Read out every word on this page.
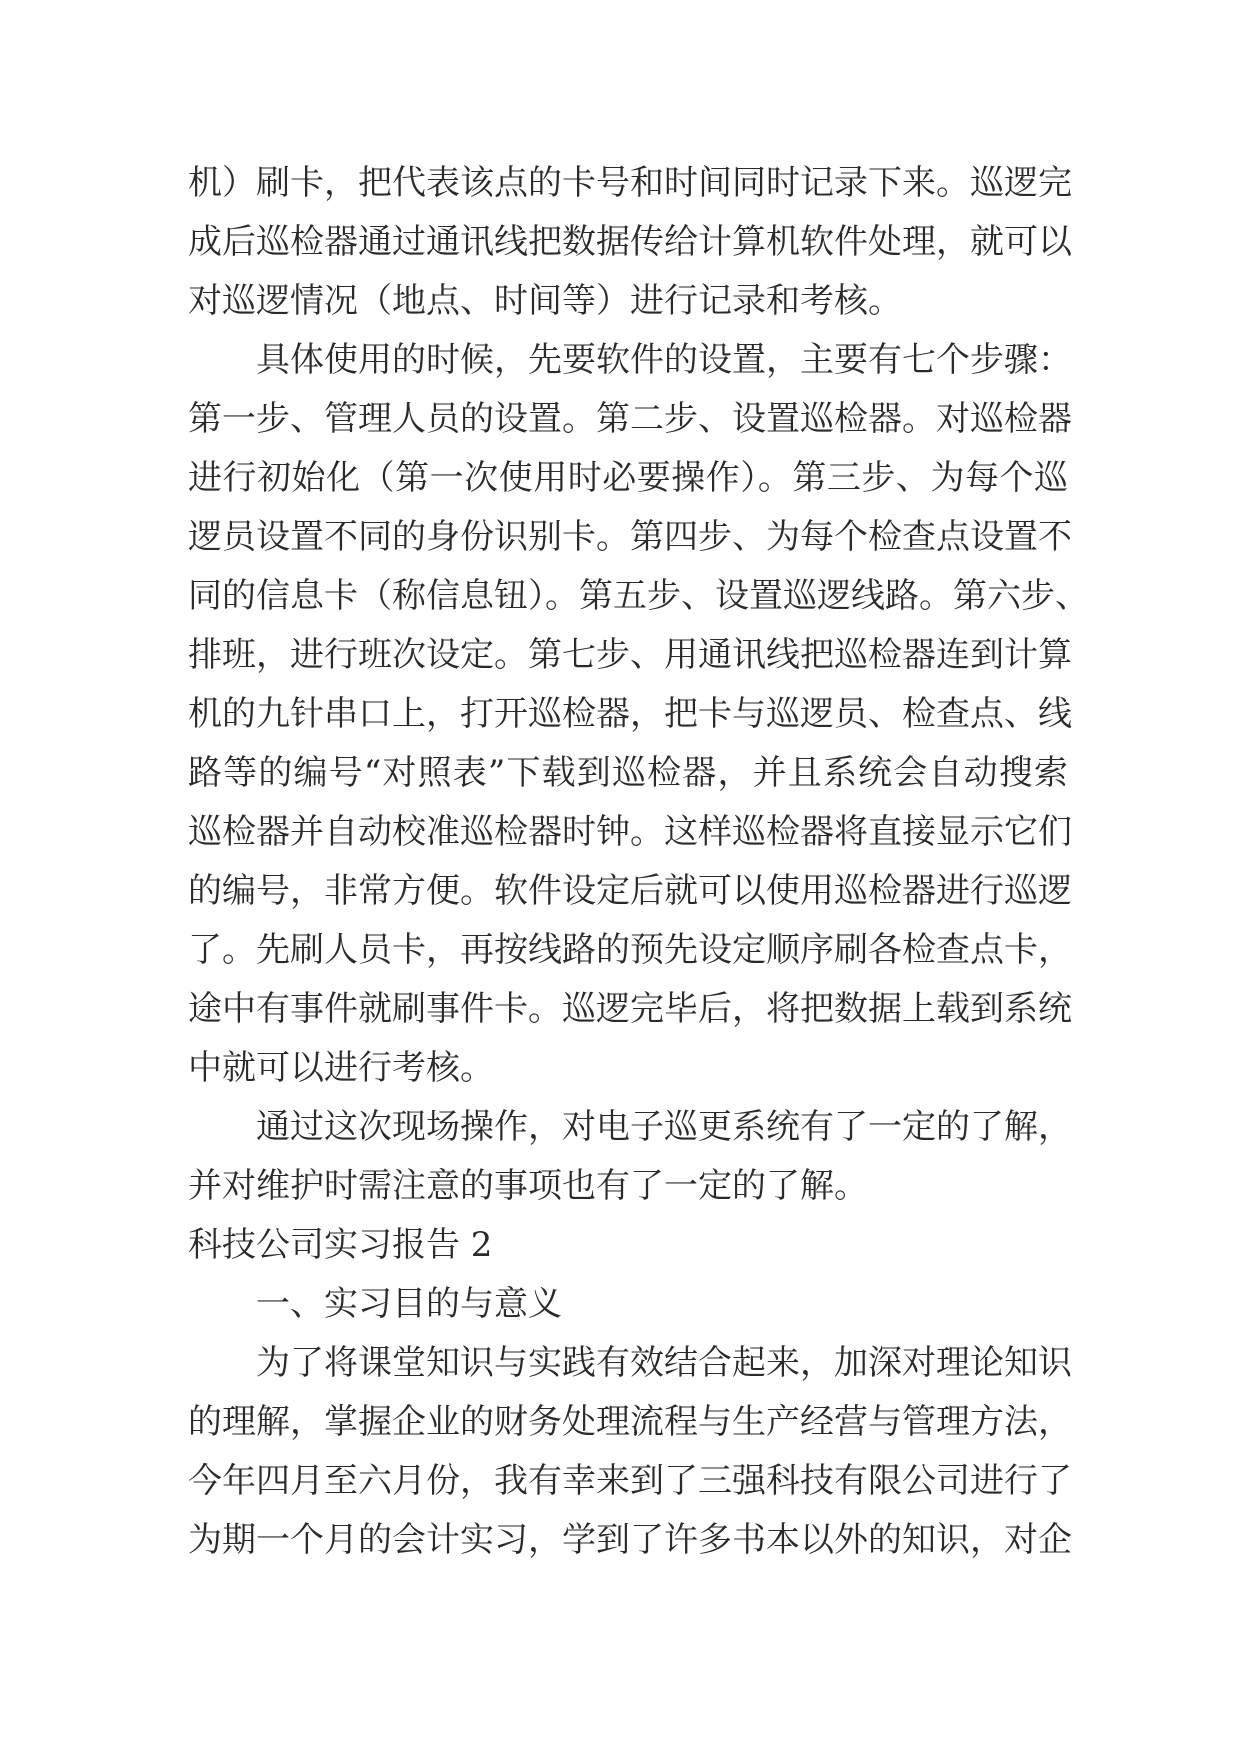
机）刷卡，把代表该点的卡号和时间同时记录下来。巡逻完
成后巡检器通过通讯线把数据传给计算机软件处理，就可以
对巡逻情况（地点、时间等）进行记录和考核。
具体使用的时候，先要软件的设置，主要有七个步骤：
第一步、管理人员的设置。第二步、设置巡检器。对巡检器
进行初始化（第一次使用时必要操作）。第三步、为每个巡
逻员设置不同的身份识别卡。第四步、为每个检查点设置不
同的信息卡（称信息钮）。第五步、设置巡逻线路。第六步、
排班，进行班次设定。第七步、用通讯线把巡检器连到计算
机的九针串口上，打开巡检器，把卡与巡逻员、检查点、线
路等的编号“对照表”下载到巡检器，并且系统会自动搜索
巡检器并自动校准巡检器时钟。这样巡检器将直接显示它们
的编号，非常方便。软件设定后就可以使用巡检器进行巡逻
了。先刷人员卡，再按线路的预先设定顺序刷各检查点卡，
途中有事件就刷事件卡。巡逻完毕后，将把数据上载到系统
中就可以进行考核。
通过这次现场操作，对电子巡更系统有了一定的了解，
并对维护时需注意的事项也有了一定的了解。
科技公司实习报告 2
一、实习目的与意义
为了将课堂知识与实践有效结合起来，加深对理论知识
的理解，掌握企业的财务处理流程与生产经营与管理方法，
今年四月至六月份，我有幸来到了三强科技有限公司进行了
为期一个月的会计实习，学到了许多书本以外的知识，对企
